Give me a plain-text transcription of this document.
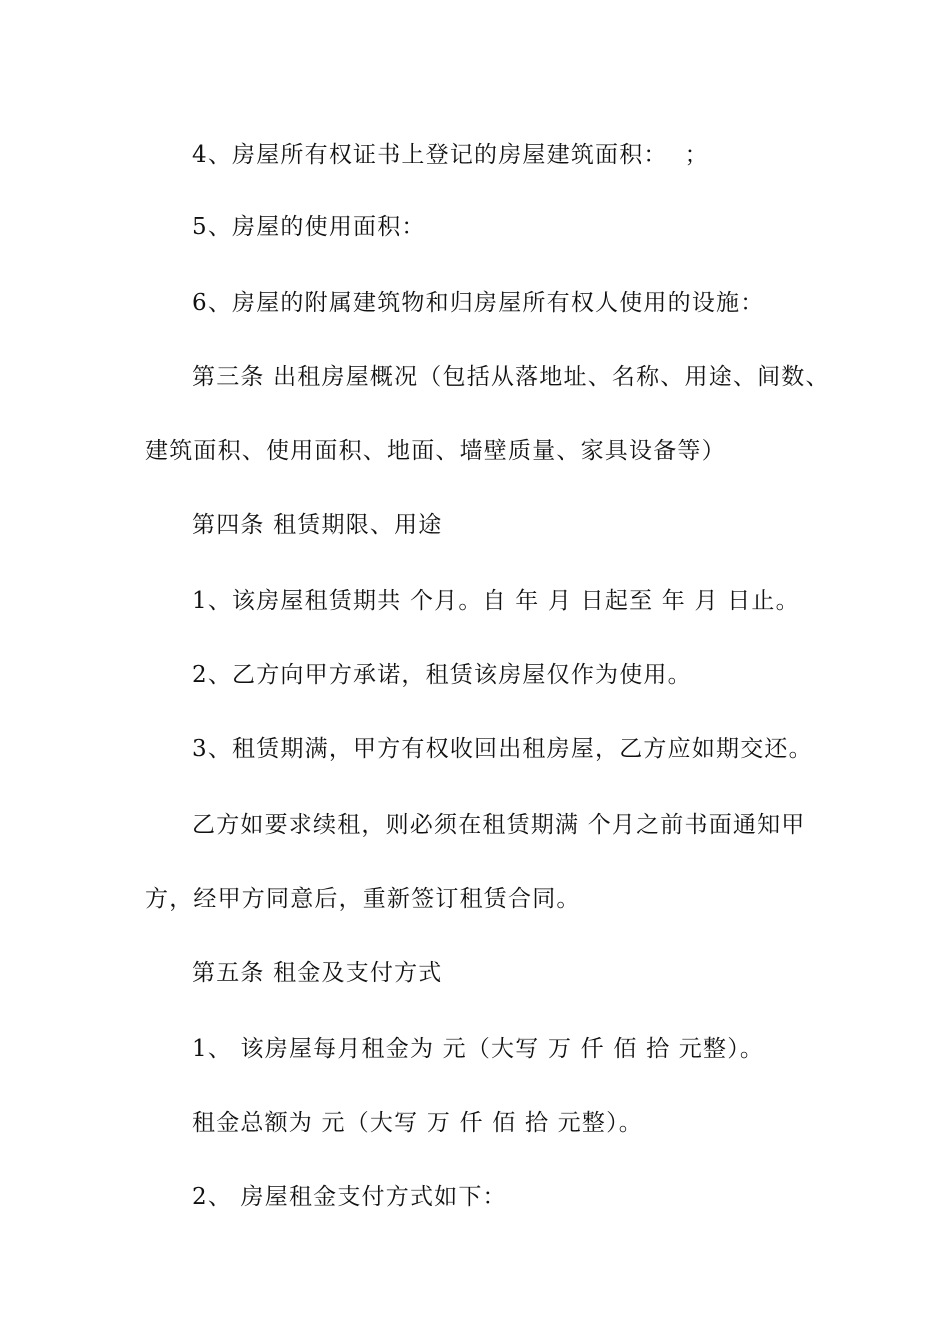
4、房屋所有权证书上登记的房屋建筑面积：  ；
5、房屋的使用面积：
6、房屋的附属建筑物和归房屋所有权人使用的设施：
第三条 出租房屋概况（包括从落地址、名称、用途、间数、
建筑面积、使用面积、地面、墙壁质量、家具设备等）
第四条 租赁期限、用途
1、该房屋租赁期共 个月。自 年 月 日起至 年 月 日止。
2、乙方向甲方承诺，租赁该房屋仅作为使用。
3、租赁期满，甲方有权收回出租房屋，乙方应如期交还。
乙方如要求续租，则必须在租赁期满 个月之前书面通知甲
方，经甲方同意后，重新签订租赁合同。
第五条 租金及支付方式
1、 该房屋每月租金为 元（大写 万 仟 佰 拾 元整）。
租金总额为 元（大写 万 仟 佰 拾 元整）。
2、 房屋租金支付方式如下：
